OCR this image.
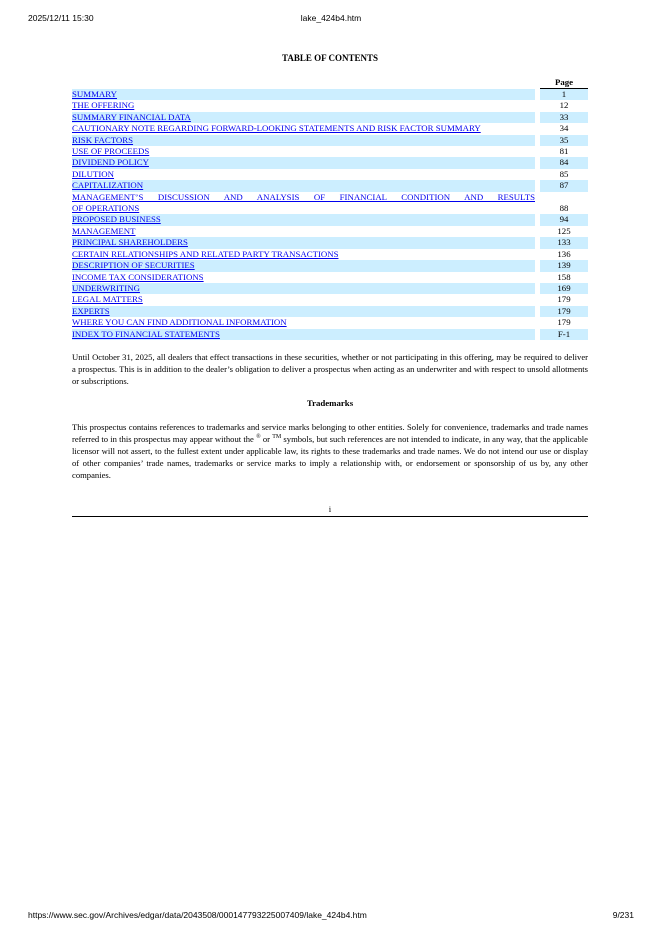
2025/12/11 15:30	lake_424b4.htm
TABLE OF CONTENTS
Page
SUMMARY	1
THE OFFERING	12
SUMMARY FINANCIAL DATA	33
CAUTIONARY NOTE REGARDING FORWARD-LOOKING STATEMENTS AND RISK FACTOR SUMMARY	34
RISK FACTORS	35
USE OF PROCEEDS	81
DIVIDEND POLICY	84
DILUTION	85
CAPITALIZATION	87
MANAGEMENT’S DISCUSSION AND ANALYSIS OF FINANCIAL CONDITION AND RESULTS
OF OPERATIONS	88
PROPOSED BUSINESS	94
MANAGEMENT	125
PRINCIPAL SHAREHOLDERS	133
CERTAIN RELATIONSHIPS AND RELATED PARTY TRANSACTIONS	136
DESCRIPTION OF SECURITIES	139
INCOME TAX CONSIDERATIONS	158
UNDERWRITING	169
LEGAL MATTERS	179
EXPERTS	179
WHERE YOU CAN FIND ADDITIONAL INFORMATION	179
INDEX TO FINANCIAL STATEMENTS	F-1
Until October 31, 2025, all dealers that effect transactions in these securities, whether or not participating in this offering, may be required to deliver a prospectus. This is in addition to the dealer’s obligation to deliver a prospectus when acting as an underwriter and with respect to unsold allotments or subscriptions.
Trademarks
This prospectus contains references to trademarks and service marks belonging to other entities. Solely for convenience, trademarks and trade names referred to in this prospectus may appear without the ® or ™ symbols, but such references are not intended to indicate, in any way, that the applicable licensor will not assert, to the fullest extent under applicable law, its rights to these trademarks and trade names. We do not intend our use or display of other companies’ trade names, trademarks or service marks to imply a relationship with, or endorsement or sponsorship of us by, any other companies.
i
https://www.sec.gov/Archives/edgar/data/2043508/000147793225007409/lake_424b4.htm	9/231
